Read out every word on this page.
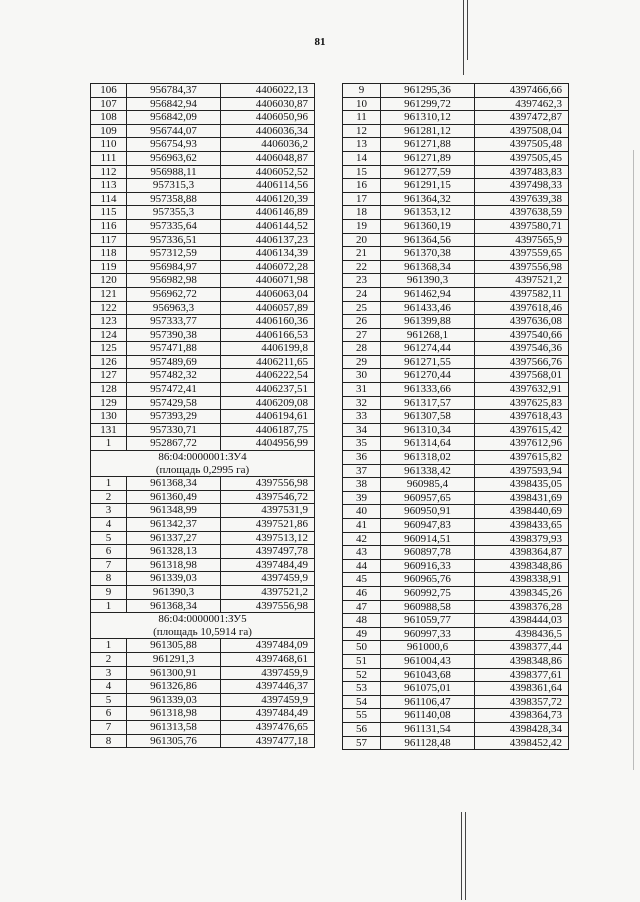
81
106	956784,37	4406022,13
107	956842,94	4406030,87
108	956842,09	4406050,96
109	956744,07	4406036,34
110	956754,93	4406036,2
111	956963,62	4406048,87
112	956988,11	4406052,52
113	957315,3	4406114,56
114	957358,88	4406120,39
115	957355,3	4406146,89
116	957335,64	4406144,52
117	957336,51	4406137,23
118	957312,59	4406134,39
119	956984,97	4406072,28
120	956982,98	4406071,98
121	956962,72	4406063,04
122	956963,3	4406057,89
123	957333,77	4406160,36
124	957390,38	4406166,53
125	957471,88	4406199,8
126	957489,69	4406211,65
127	957482,32	4406222,54
128	957472,41	4406237,51
129	957429,58	4406209,08
130	957393,29	4406194,61
131	957330,71	4406187,75
1	952867,72	4404956,99
86:04:0000001:ЗУ4		
(площадь 0,2995 га)		
1	961368,34	4397556,98
2	961360,49	4397546,72
3	961348,99	4397531,9
4	961342,37	4397521,86
5	961337,27	4397513,12
6	961328,13	4397497,78
7	961318,98	4397484,49
8	961339,03	4397459,9
9	961390,3	4397521,2
1	961368,34	4397556,98
86:04:0000001:ЗУ5		
(площадь 10,5914 га)		
1	961305,88	4397484,09
2	961291,3	4397468,61
3	961300,91	4397459,9
4	961326,86	4397446,37
5	961339,03	4397459,9
6	961318,98	4397484,49
7	961313,58	4397476,65
8	961305,76	4397477,18
9	961295,36	4397466,66
10	961299,72	4397462,3
11	961310,12	4397472,87
12	961281,12	4397508,04
13	961271,88	4397505,48
14	961271,89	4397505,45
15	961277,59	4397483,83
16	961291,15	4397498,33
17	961364,32	4397639,38
18	961353,12	4397638,59
19	961360,19	4397580,71
20	961364,56	4397565,9
21	961370,38	4397559,65
22	961368,34	4397556,98
23	961390,3	4397521,2
24	961462,94	4397582,11
25	961433,46	4397618,46
26	961399,88	4397636,08
27	961268,1	4397540,66
28	961274,44	4397546,36
29	961271,55	4397566,76
30	961270,44	4397568,01
31	961333,66	4397632,91
32	961317,57	4397625,83
33	961307,58	4397618,43
34	961310,34	4397615,42
35	961314,64	4397612,96
36	961318,02	4397615,82
37	961338,42	4397593,94
38	960985,4	4398435,05
39	960957,65	4398431,69
40	960950,91	4398440,69
41	960947,83	4398433,65
42	960914,51	4398379,93
43	960897,78	4398364,87
44	960916,33	4398348,86
45	960965,76	4398338,91
46	960992,75	4398345,26
47	960988,58	4398376,28
48	961059,77	4398444,03
49	960997,33	4398436,5
50	961000,6	4398377,44
51	961004,43	4398348,86
52	961043,68	4398377,61
53	961075,01	4398361,64
54	961106,47	4398357,72
55	961140,08	4398364,73
56	961131,54	4398428,34
57	961128,48	4398452,42
